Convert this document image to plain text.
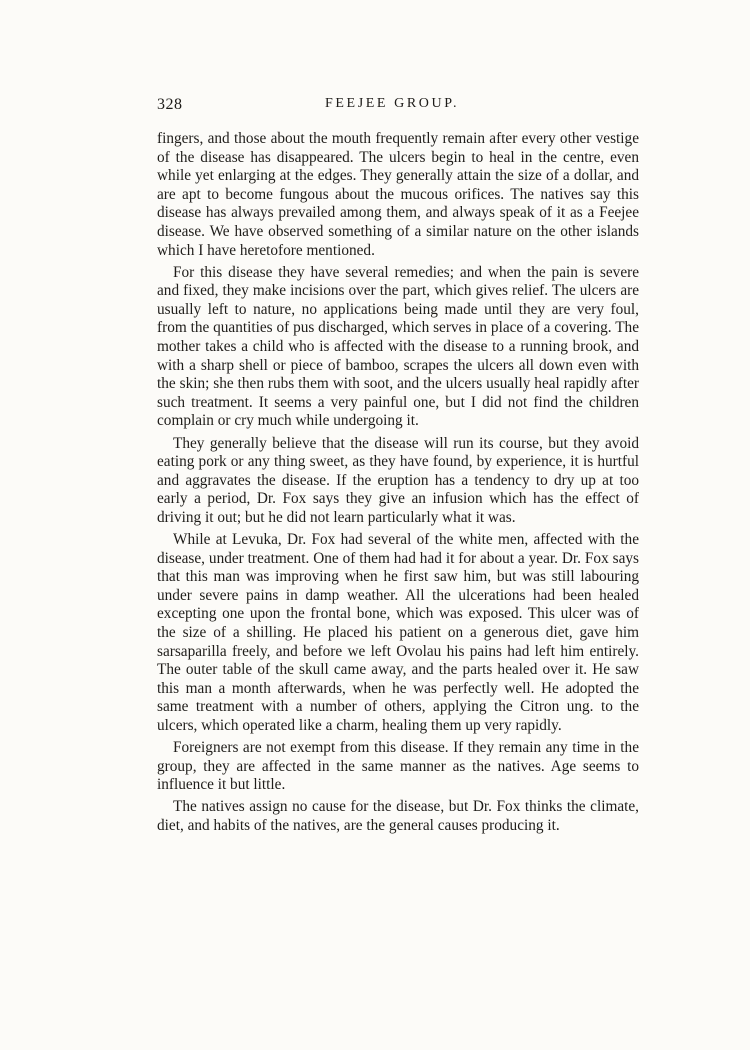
328	FEEJEE GROUP.

fingers, and those about the mouth frequently remain after every other vestige of the disease has disappeared. The ulcers begin to heal in the centre, even while yet enlarging at the edges. They generally attain the size of a dollar, and are apt to become fungous about the mucous orifices. The natives say this disease has always prevailed among them, and always speak of it as a Feejee disease. We have observed something of a similar nature on the other islands which I have heretofore mentioned.

For this disease they have several remedies; and when the pain is severe and fixed, they make incisions over the part, which gives relief. The ulcers are usually left to nature, no applications being made until they are very foul, from the quantities of pus discharged, which serves in place of a covering. The mother takes a child who is affected with the disease to a running brook, and with a sharp shell or piece of bamboo, scrapes the ulcers all down even with the skin; she then rubs them with soot, and the ulcers usually heal rapidly after such treatment. It seems a very painful one, but I did not find the children complain or cry much while undergoing it.

They generally believe that the disease will run its course, but they avoid eating pork or any thing sweet, as they have found, by experience, it is hurtful and aggravates the disease. If the eruption has a tendency to dry up at too early a period, Dr. Fox says they give an infusion which has the effect of driving it out; but he did not learn particularly what it was.

While at Levuka, Dr. Fox had several of the white men, affected with the disease, under treatment. One of them had had it for about a year. Dr. Fox says that this man was improving when he first saw him, but was still labouring under severe pains in damp weather. All the ulcerations had been healed excepting one upon the frontal bone, which was exposed. This ulcer was of the size of a shilling. He placed his patient on a generous diet, gave him sarsaparilla freely, and before we left Ovolau his pains had left him entirely. The outer table of the skull came away, and the parts healed over it. He saw this man a month afterwards, when he was perfectly well. He adopted the same treatment with a number of others, applying the Citron ung. to the ulcers, which operated like a charm, healing them up very rapidly.

Foreigners are not exempt from this disease. If they remain any time in the group, they are affected in the same manner as the natives. Age seems to influence it but little.

The natives assign no cause for the disease, but Dr. Fox thinks the climate, diet, and habits of the natives, are the general causes producing it.
